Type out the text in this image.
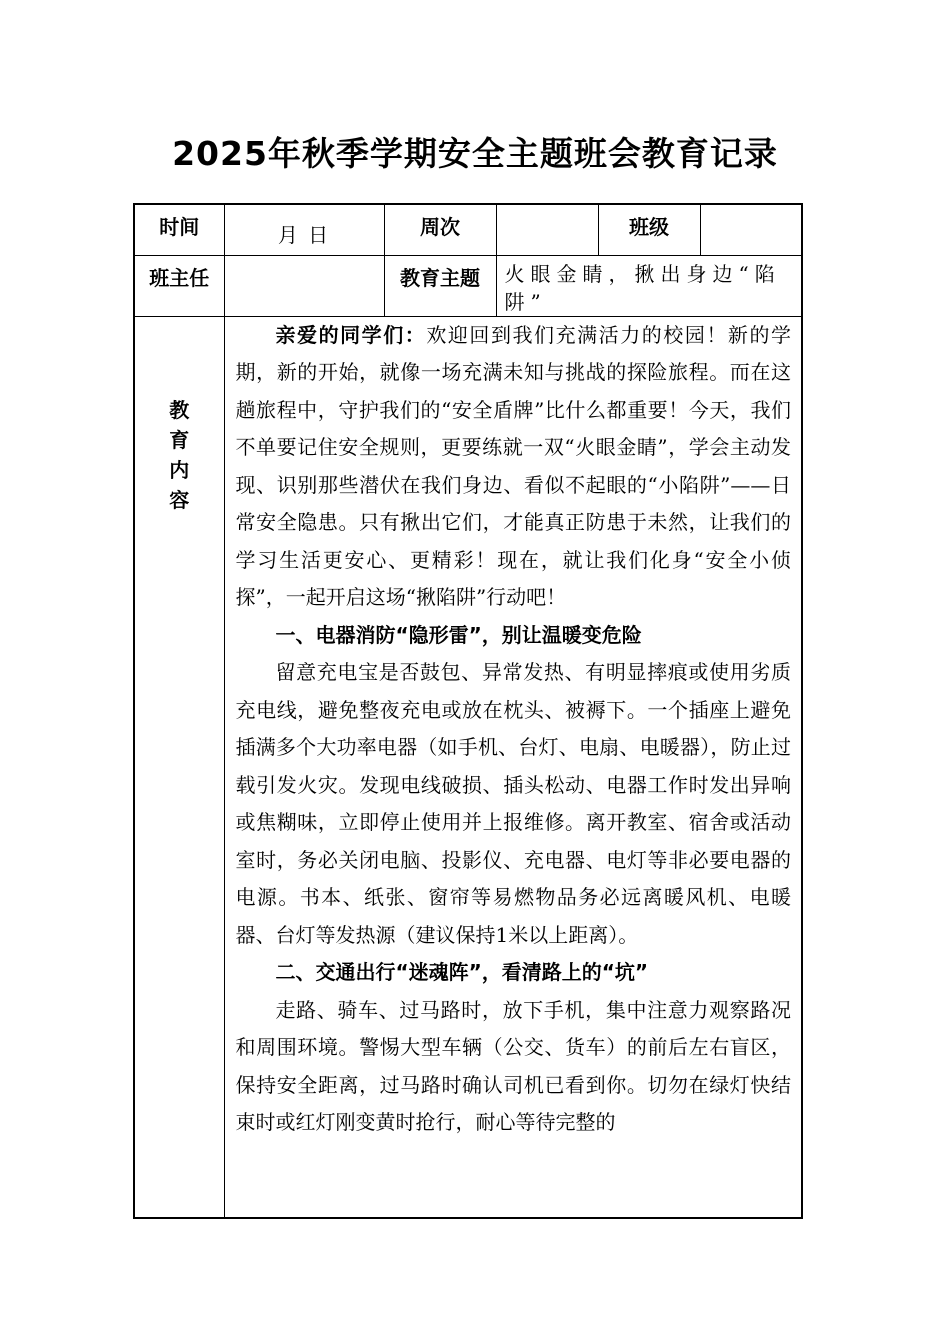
2025年秋季学期安全主题班会教育记录
时间	月 日	周次		班级	
班主任		教育主题	火眼金睛，揪出身边“陷阱”		

教育内容	亲爱的同学们：欢迎回到我们充满活力的校园！新的学期，新的开始，就像一场充满未知与挑战的探险旅程。而在这趟旅程中，守护我们的“安全盾牌”比什么都重要！今天，我们不单要记住安全规则，更要练就一双“火眼金睛”，学会主动发现、识别那些潜伏在我们身边、看似不起眼的“小陷阱”——日常安全隐患。只有揪出它们，才能真正防患于未然，让我们的学习生活更安心、更精彩！现在，就让我们化身“安全小侦探”，一起开启这场“揪陷阱”行动吧！

一、电器消防“隐形雷”，别让温暖变危险

留意充电宝是否鼓包、异常发热、有明显摔痕或使用劣质充电线，避免整夜充电或放在枕头、被褥下。一个插座上避免插满多个大功率电器（如手机、台灯、电扇、电暖器），防止过载引发火灾。发现电线破损、插头松动、电器工作时发出异响或焦糊味，立即停止使用并上报维修。离开教室、宿舍或活动室时，务必关闭电脑、投影仪、充电器、电灯等非必要电器的电源。书本、纸张、窗帘等易燃物品务必远离暖风机、电暖器、台灯等发热源（建议保持1米以上距离）。

二、交通出行“迷魂阵”，看清路上的“坑”

走路、骑车、过马路时，放下手机，集中注意力观察路况和周围环境。警惕大型车辆（公交、货车）的前后左右盲区，保持安全距离，过马路时确认司机已看到你。切勿在绿灯快结束时或红灯刚变黄时抢行，耐心等待完整的				
